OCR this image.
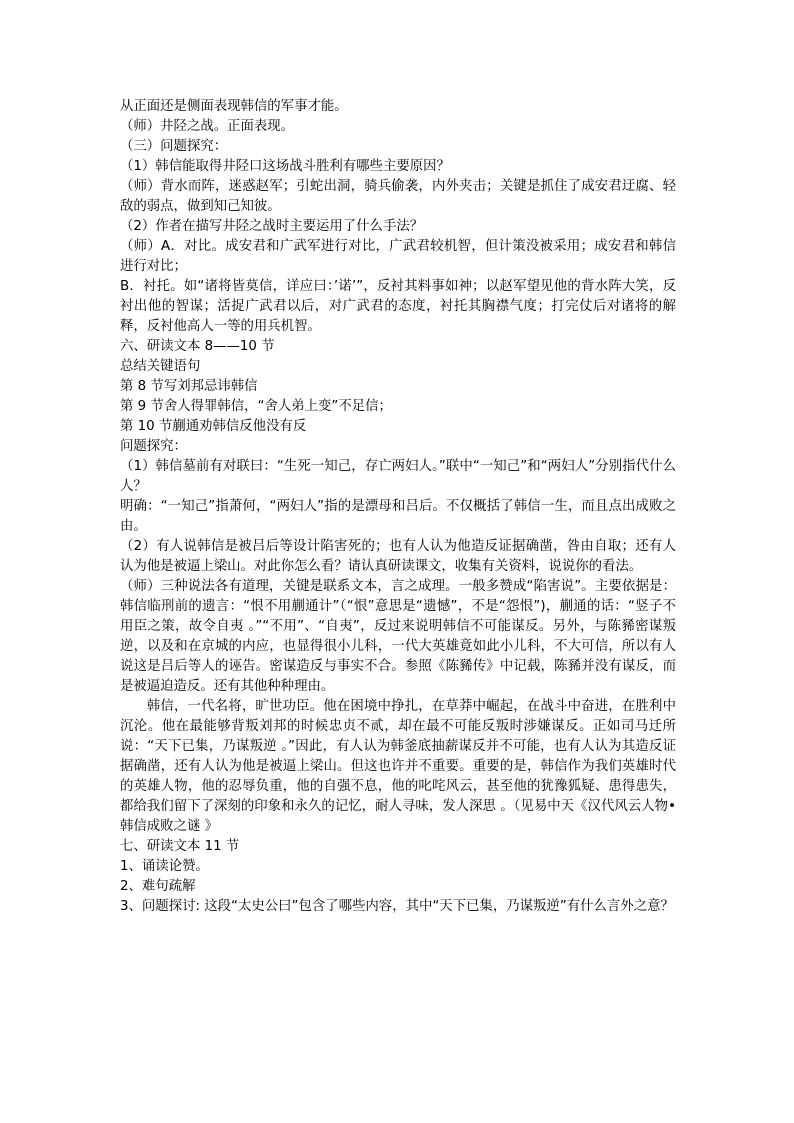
从正面还是侧面表现韩信的军事才能。

（师）井陉之战。正面表现。

（三）问题探究：

（1）韩信能取得井陉口这场战斗胜利有哪些主要原因？

（师）背水而阵，迷惑赵军；引蛇出洞，骑兵偷袭，内外夹击；关键是抓住了成安君迂腐、轻敌的弱点，做到知己知彼。

（2）作者在描写井陉之战时主要运用了什么手法？

（师）A．对比。成安君和广武军进行对比，广武君较机智，但计策没被采用；成安君和韩信进行对比；

B．衬托。如“诸将皆莫信，详应曰：’诺’”，反衬其料事如神；以赵军望见他的背水阵大笑，反衬出他的智谋；活捉广武君以后，对广武君的态度，衬托其胸襟气度；打完仗后对诸将的解释，反衬他高人一等的用兵机智。

六、研读文本 8——10 节

总结关键语句

第 8 节写刘邦忌讳韩信

第 9 节舍人得罪韩信，“舍人弟上变”不足信；

第 10 节蒯通劝韩信反他没有反

问题探究：

（1）韩信墓前有对联曰：“生死一知己，存亡两妇人。”联中“一知己”和“两妇人”分别指代什么人？

明确：“一知己”指萧何，“两妇人”指的是漂母和吕后。不仅概括了韩信一生，而且点出成败之由。

（2）有人说韩信是被吕后等设计陷害死的；也有人认为他造反证据确凿，咎由自取；还有人认为他是被逼上梁山。对此你怎么看？请认真研读课文，收集有关资料，说说你的看法。

（师）三种说法各有道理，关键是联系文本，言之成理。一般多赞成“陷害说”。主要依据是：韩信临刑前的遗言：“恨不用蒯通计”（“恨”意思是“遗憾”，不是“怨恨”)，蒯通的话：“竖子不用臣之策，故令自夷 。”“不用”、“自夷”，反过来说明韩信不可能谋反。另外，与陈豨密谋叛逆，以及和在京城的内应，也显得很小儿科，一代大英雄竟如此小儿科，不大可信，所以有人说这是吕后等人的诬告。密谋造反与事实不合。参照《陈豨传》中记载，陈豨并没有谋反，而是被逼迫造反。还有其他种种理由。

韩信，一代名将，旷世功臣。他在困境中挣扎，在草莽中崛起，在战斗中奋进，在胜利中沉沦。他在最能够背叛刘邦的时候忠贞不贰，却在最不可能反叛时涉嫌谋反。正如司马迁所说：“天下已集，乃谋叛逆 。”因此，有人认为韩釜底抽薪谋反并不可能，也有人认为其造反证据确凿，还有人认为他是被逼上梁山。但这也许并不重要。重要的是，韩信作为我们英雄时代的英雄人物，他的忍辱负重，他的自强不息，他的叱咤风云，甚至他的犹豫狐疑、患得患失，都给我们留下了深刻的印象和永久的记忆，耐人寻味，发人深思 。（见易中天《汉代风云人物•韩信成败之谜 》

七、研读文本 11 节

1、诵读论赞。

2、难句疏解

3、问题探讨: 这段“太史公曰”包含了哪些内容，其中“天下已集，乃谋叛逆”有什么言外之意？
